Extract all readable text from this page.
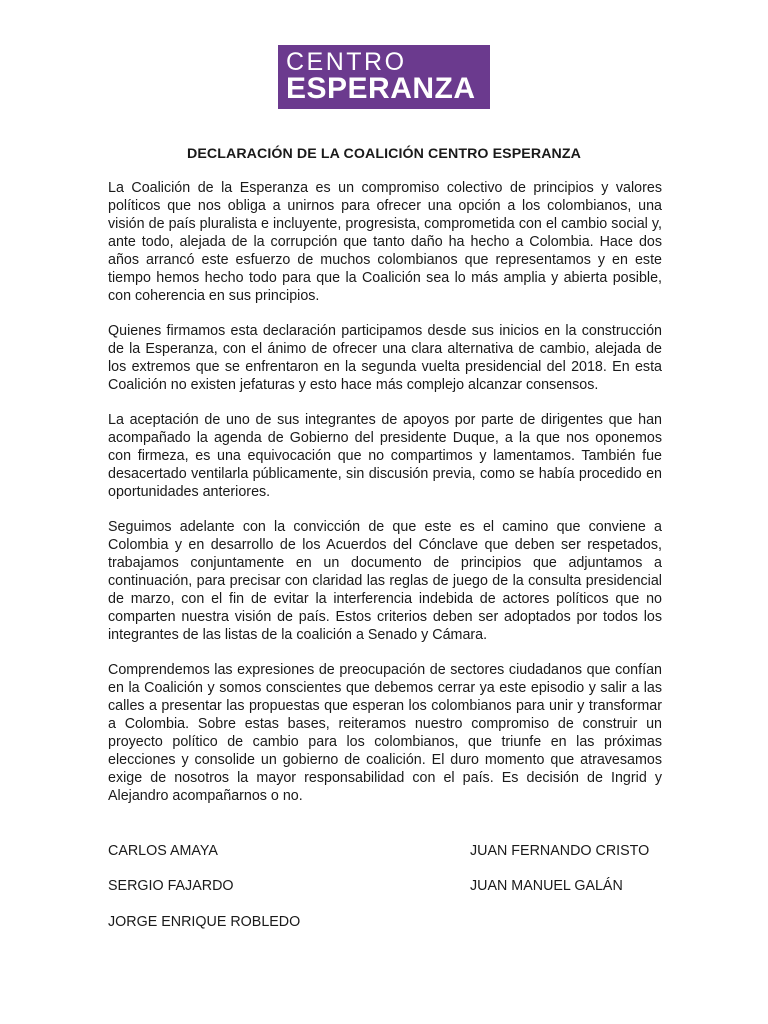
CENTRO
ESPERANZA
DECLARACIÓN DE LA COALICIÓN CENTRO ESPERANZA

La Coalición de la Esperanza es un compromiso colectivo de principios y valores políticos que nos obliga a unirnos para ofrecer una opción a los colombianos, una visión de país pluralista e incluyente, progresista, comprometida con el cambio social y, ante todo, alejada de la corrupción que tanto daño ha hecho a Colombia. Hace dos años arrancó este esfuerzo de muchos colombianos que representamos y en este tiempo hemos hecho todo para que la Coalición sea lo más amplia y abierta posible, con coherencia en sus principios.

Quienes firmamos esta declaración participamos desde sus inicios en la construcción de la Esperanza, con el ánimo de ofrecer una clara alternativa de cambio, alejada de los extremos que se enfrentaron en la segunda vuelta presidencial del 2018. En esta Coalición no existen jefaturas y esto hace más complejo alcanzar consensos.

La aceptación de uno de sus integrantes de apoyos por parte de dirigentes que han acompañado la agenda de Gobierno del presidente Duque, a la que nos oponemos con firmeza, es una equivocación que no compartimos y lamentamos. También fue desacertado ventilarla públicamente, sin discusión previa, como se había procedido en oportunidades anteriores.

Seguimos adelante con la convicción de que este es el camino que conviene a Colombia y en desarrollo de los Acuerdos del Cónclave que deben ser respetados, trabajamos conjuntamente en un documento de principios que adjuntamos a continuación, para precisar con claridad las reglas de juego de la consulta presidencial de marzo, con el fin de evitar la interferencia indebida de actores políticos que no comparten nuestra visión de país. Estos criterios deben ser adoptados por todos los integrantes de las listas de la coalición a Senado y Cámara.

Comprendemos las expresiones de preocupación de sectores ciudadanos que confían en la Coalición y somos conscientes que debemos cerrar ya este episodio y salir a las calles a presentar las propuestas que esperan los colombianos para unir y transformar a Colombia. Sobre estas bases, reiteramos nuestro compromiso de construir un proyecto político de cambio para los colombianos, que triunfe en las próximas elecciones y consolide un gobierno de coalición. El duro momento que atravesamos exige de nosotros la mayor responsabilidad con el país. Es decisión de Ingrid y Alejandro acompañarnos o no.

CARLOS AMAYA	JUAN FERNANDO CRISTO
SERGIO FAJARDO	JUAN MANUEL GALÁN
JORGE ENRIQUE ROBLEDO
